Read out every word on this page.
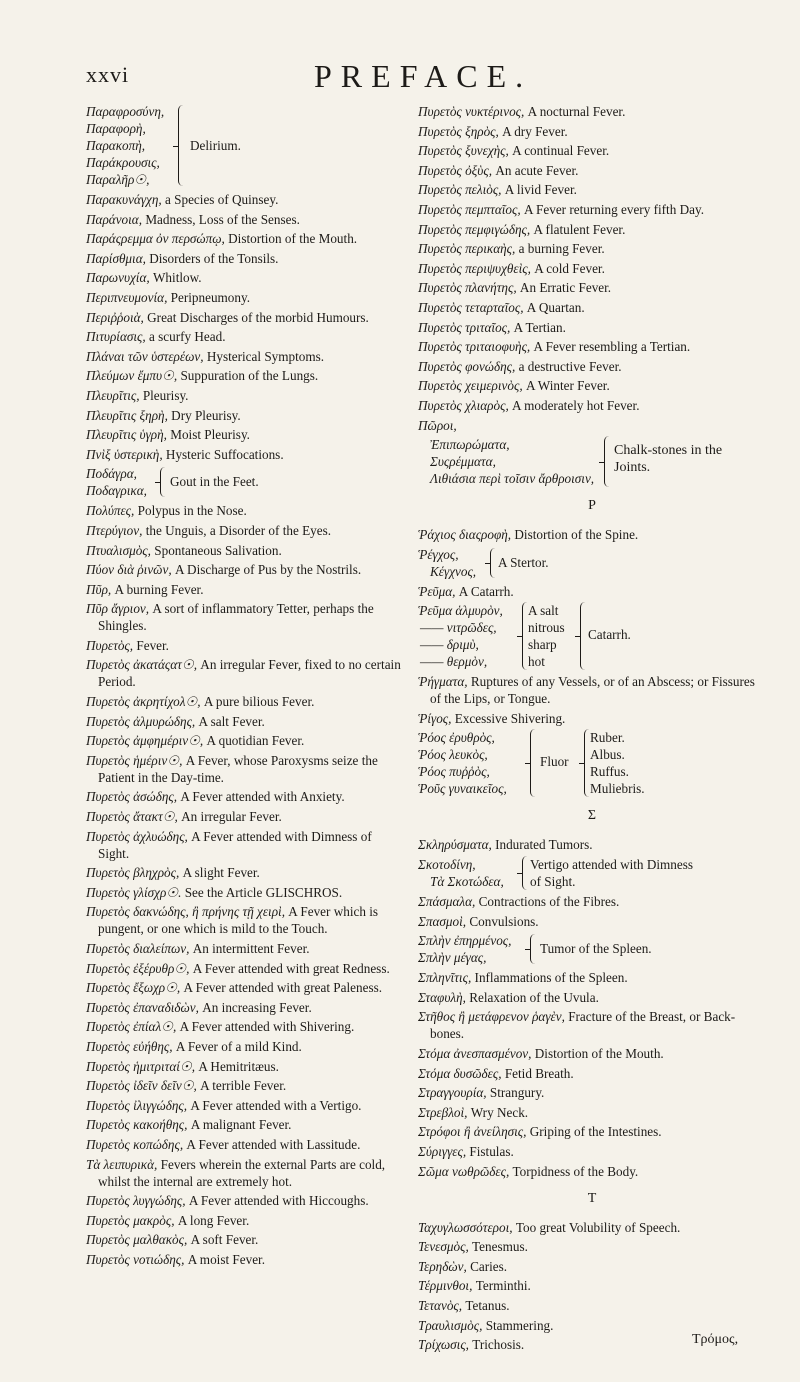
xxvi	PREFACE.
Παραφροσύνη,
Παραφορὴ,
Παρακοπὴ,
Παράκρουσις,
Παραλῆρ☉,
Delirium.
Παρακυνάγχη, a Species of Quinsey.
Παράνοια, Madness, Loss of the Senses.
Παράςρεμμα ὀν περσώπῳ, Distortion of the Mouth.
Παρίσθμια, Disorders of the Tonsils.
Παρωνυχία, Whitlow.
Περιπνευμονία, Peripneumony.
Περιῤῥοιὰ, Great Discharges of the morbid Humours.
Πιτυρίασις, a scurfy Head.
Πλάναι τῶν ὑστερέων, Hysterical Symptoms.
Πλεύμων ἔμπυ☉, Suppuration of the Lungs.
Πλευρῖτις, Pleurisy.
Πλευρῖτις ξηρὴ, Dry Pleurisy.
Πλευρῖτις ὑγρὴ, Moist Pleurisy.
Πνὶξ ὑστερικὴ, Hysteric Suffocations.
Ποδάγρα,
Ποδαγρικα,
Gout in the Feet.
Πολύπες, Polypus in the Nose.
Πτερύγιον, the Unguis, a Disorder of the Eyes.
Πτυαλισμὸς, Spontaneous Salivation.
Πύον διὰ ῥινῶν, A Discharge of Pus by the Nostrils.
Πῦρ, A burning Fever.
Πῦρ ἄγριον, A sort of inflammatory Tetter, perhaps the Shingles.
Πυρετὸς, Fever.
Πυρετὸς ἀκατάςατ☉, An irregular Fever, fixed to no certain Period.
Πυρετὸς ἀκρητίχολ☉, A pure bilious Fever.
Πυρετὸς ἀλμυρώδης, A salt Fever.
Πυρετὸς ἀμφημέριν☉, A quotidian Fever.
Πυρετὸς ἡμέριν☉, A Fever, whose Paroxysms seize the Patient in the Day-time.
Πυρετὸς ἀσώδης, A Fever attended with Anxiety.
Πυρετὸς ἄτακτ☉, An irregular Fever.
Πυρετὸς ἀχλυώδης, A Fever attended with Dimness of Sight.
Πυρετὸς βληχρὸς, A slight Fever.
Πυρετὸς γλίσχρ☉. See the Article GLISCHROS.
Πυρετὸς δακνώδης, ἢ πρήνης τῇ χειρὶ, A Fever which is pungent, or one which is mild to the Touch.
Πυρετὸς διαλείπων, An intermittent Fever.
Πυρετὸς ἐξέρυθρ☉, A Fever attended with great Redness.
Πυρετὸς ἔξωχρ☉, A Fever attended with great Paleness.
Πυρετὸς ἐπαναδιδὼν, An increasing Fever.
Πυρετὸς ἐπίαλ☉, A Fever attended with Shivering.
Πυρετὸς εὐήθης, A Fever of a mild Kind.
Πυρετὸς ἡμιτριταί☉, A Hemitritæus.
Πυρετὸς ἰδεῖν δεῖν☉, A terrible Fever.
Πυρετὸς ἰλιγγώδης, A Fever attended with a Vertigo.
Πυρετὸς κακοήθης, A malignant Fever.
Πυρετὸς κοπώδης, A Fever attended with Lassitude.
Τὰ λειπυρικὰ, Fevers wherein the external Parts are cold, whilst the internal are extremely hot.
Πυρετὸς λυγγώδης, A Fever attended with Hiccoughs.
Πυρετὸς μακρὸς, A long Fever.
Πυρετὸς μαλθακὸς, A soft Fever.
Πυρετὸς νοτιώδης, A moist Fever.
Πυρετὸς νυκτέρινος, A nocturnal Fever.
Πυρετὸς ξηρὸς, A dry Fever.
Πυρετὸς ξυνεχὴς, A continual Fever.
Πυρετὸς ὀξὺς, An acute Fever.
Πυρετὸς πελιὸς, A livid Fever.
Πυρετὸς πεμπταῖος, A Fever returning every fifth Day.
Πυρετὸς πεμφιγώδης, A flatulent Fever.
Πυρετὸς περικαὴς, a burning Fever.
Πυρετὸς περιψυχθεὶς, A cold Fever.
Πυρετὸς πλανήτης, An Erratic Fever.
Πυρετὸς τεταρταῖος, A Quartan.
Πυρετὸς τριταῖος, A Tertian.
Πυρετὸς τριταιοφυὴς, A Fever resembling a Tertian.
Πυρετὸς φονώδης, a destructive Fever.
Πυρετὸς χειμερινὸς, A Winter Fever.
Πυρετὸς χλιαρὸς, A moderately hot Fever.
Πῶροι,
Ἐπιπωρώματα,
Συςρέμματα,
Λιθιάσια περὶ τοῖσιν ἄρθροισιν,
Chalk-stones in the Joints.
P
Ῥάχιος διαςροφὴ, Distortion of the Spine.
Ῥέγχος,
Κέγχνος,
A Stertor.
Ῥεῦμα, A Catarrh.
Ῥεῦμα ἁλμυρὸν,
—— νιτρῶδες,
—— δριμὺ,
—— θερμὸν,
A salt
nitrous
sharp
hot
Catarrh.
Ῥήγματα, Ruptures of any Vessels, or of an Abscess; or Fissures of the Lips, or Tongue.
Ῥίγος, Excessive Shivering.
Ῥόος ἐρυθρὸς,
Ῥόος λευκὸς,
Ῥόος πυῤῥὸς,
Ῥοῦς γυναικεῖος,
Fluor
Ruber.
Albus.
Ruffus.
Muliebris.
Σ
Σκληρύσματα, Indurated Tumors.
Σκοτοδίνη,
Τὰ Σκοτώδεα,
Vertigo attended with Dimness
of Sight.
Σπάσμαλα, Contractions of the Fibres.
Σπασμοὶ, Convulsions.
Σπλὴν ἐπηρμένος,
Σπλὴν μέγας,
Tumor of the Spleen.
Σπληνῖτις, Inflammations of the Spleen.
Σταφυλὴ, Relaxation of the Uvula.
Στῆθος ἢ μετάφρενον ῥαγὲν, Fracture of the Breast, or Back-bones.
Στόμα ἀνεσπασμένον, Distortion of the Mouth.
Στόμα δυσῶδες, Fetid Breath.
Στραγγουρία, Strangury.
Στρεβλοὶ, Wry Neck.
Στρόφοι ἢ ἀνείλησις, Griping of the Intestines.
Σύριγγες, Fistulas.
Σῶμα νωθρῶδες, Torpidness of the Body.
T
Ταχυγλωσσότεροι, Too great Volubility of Speech.
Τενεσμὸς, Tenesmus.
Τερηδὼν, Caries.
Τέρμινθοι, Terminthi.
Τετανὸς, Tetanus.
Τραυλισμὸς, Stammering.
Τρίχωσις, Trichosis.	Τρόμος,
